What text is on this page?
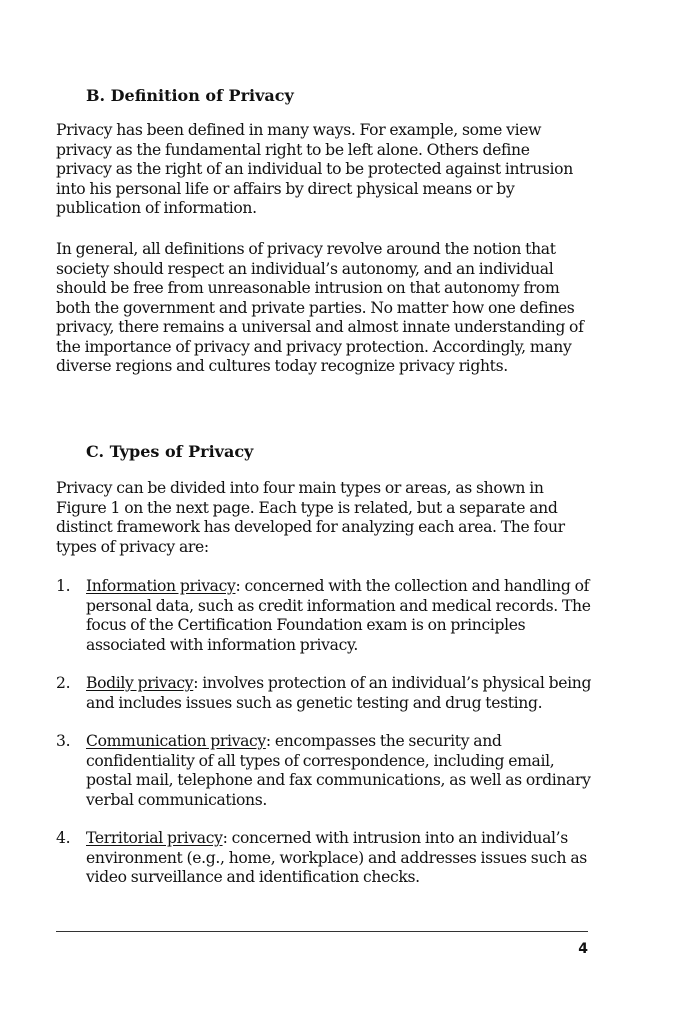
B. Definition of Privacy

Privacy has been defined in many ways. For example, some view privacy as the fundamental right to be left alone. Others define privacy as the right of an individual to be protected against intrusion into his personal life or affairs by direct physical means or by publication of information.

In general, all definitions of privacy revolve around the notion that society should respect an individual’s autonomy, and an individual should be free from unreasonable intrusion on that autonomy from both the government and private parties. No matter how one defines privacy, there remains a universal and almost innate understanding of the importance of privacy and privacy protection. Accordingly, many diverse regions and cultures today recognize privacy rights.

C. Types of Privacy

Privacy can be divided into four main types or areas, as shown in Figure 1 on the next page. Each type is related, but a separate and distinct framework has developed for analyzing each area. The four types of privacy are:

1. Information privacy: concerned with the collection and handling of personal data, such as credit information and medical records. The focus of the Certification Foundation exam is on principles associated with information privacy.
2. Bodily privacy: involves protection of an individual’s physical being and includes issues such as genetic testing and drug testing.
3. Communication privacy: encompasses the security and confidentiality of all types of correspondence, including email, postal mail, telephone and fax communications, as well as ordinary verbal communications.
4. Territorial privacy: concerned with intrusion into an individual’s environment (e.g., home, workplace) and addresses issues such as video surveillance and identification checks.
4
